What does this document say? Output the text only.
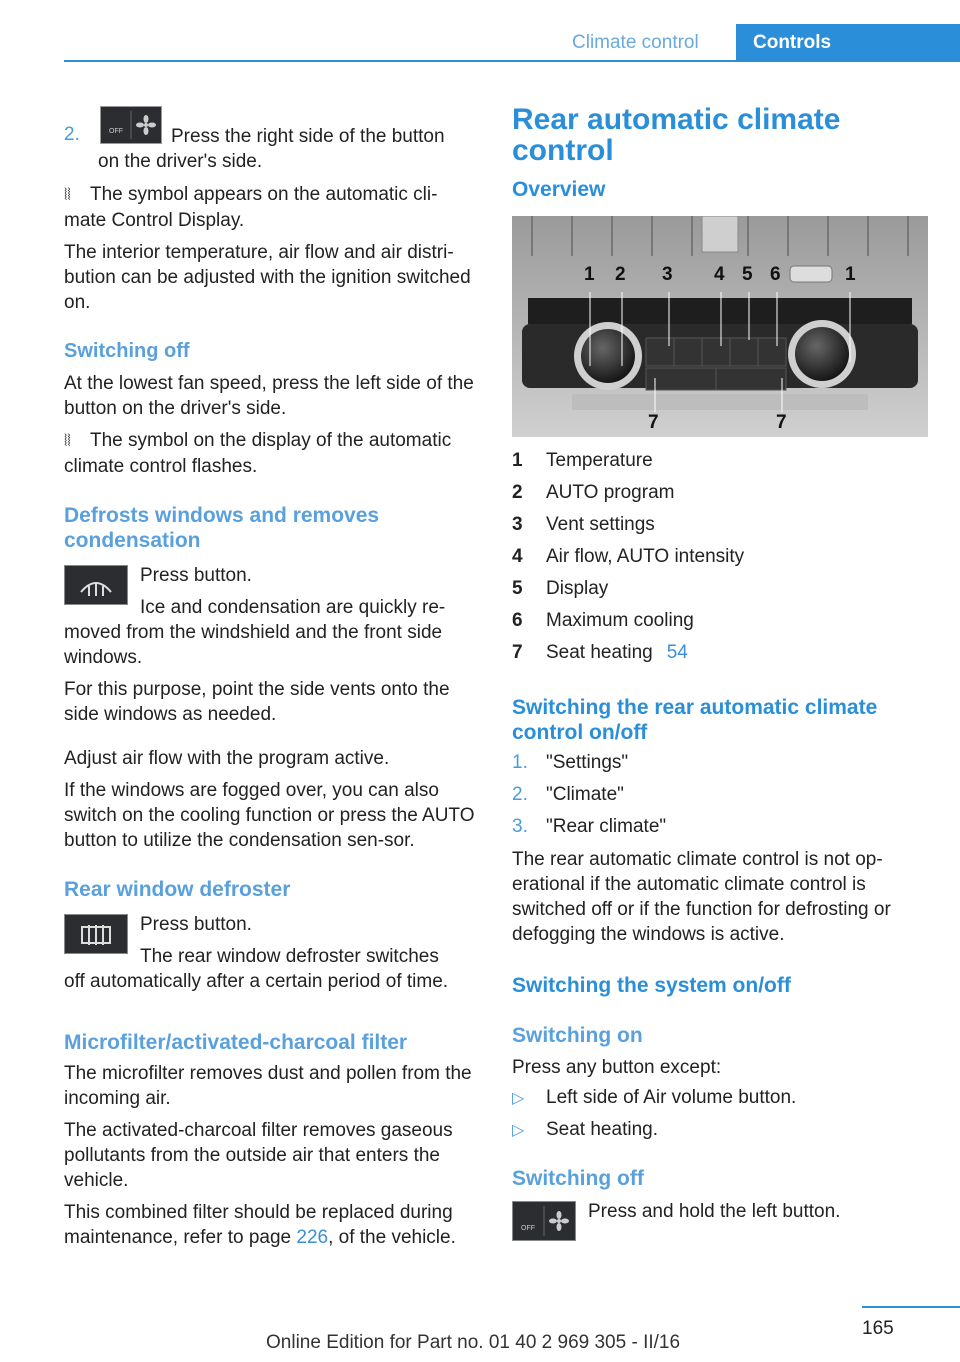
Climate control	Controls
2.	OFF	Press the right side of the button
on the driver's side.

⦚⦚ The symbol appears on the automatic cli-

mate Control Display.

The interior temperature, air flow and air distri-bution can be adjusted with the ignition switched on.

Switching off

At the lowest fan speed, press the left side of the button on the driver's side.

⦚⦚ The symbol on the display of the automatic climate control flashes.

Defrosts windows and removes condensation

Press button.

Ice and condensation are quickly re-

moved from the windshield and the front side windows.

For this purpose, point the side vents onto the side windows as needed.

Adjust air flow with the program active.

If the windows are fogged over, you can also switch on the cooling function or press the AUTO button to utilize the condensation sen-sor.

Rear window defroster

Press button.

The rear window defroster switches

off automatically after a certain period of time.

Microfilter/activated-charcoal filter

The microfilter removes dust and pollen from the incoming air.

The activated-charcoal filter removes gaseous pollutants from the outside air that enters the vehicle.

This combined filter should be replaced during maintenance, refer to page 226, of the vehicle.

Rear automatic climate control

Overview

1 2 3 4 5 6	1
7	7
1	Temperature
2	AUTO program
3	Vent settings
4	Air flow, AUTO intensity
5	Display
6	Maximum cooling
7	Seat heating 54

Switching the rear automatic climate control on/off

1. "Settings"
2. "Climate"
3. "Rear climate"

The rear automatic climate control is not op-erational if the automatic climate control is switched off or if the function for defrosting or defogging the windows is active.

Switching the system on/off

Switching on

Press any button except:

▷	Left side of Air volume button.
▷	Seat heating.

Switching off

OFF

Press and hold the left button.

165
Online Edition for Part no. 01 40 2 969 305 - II/16
